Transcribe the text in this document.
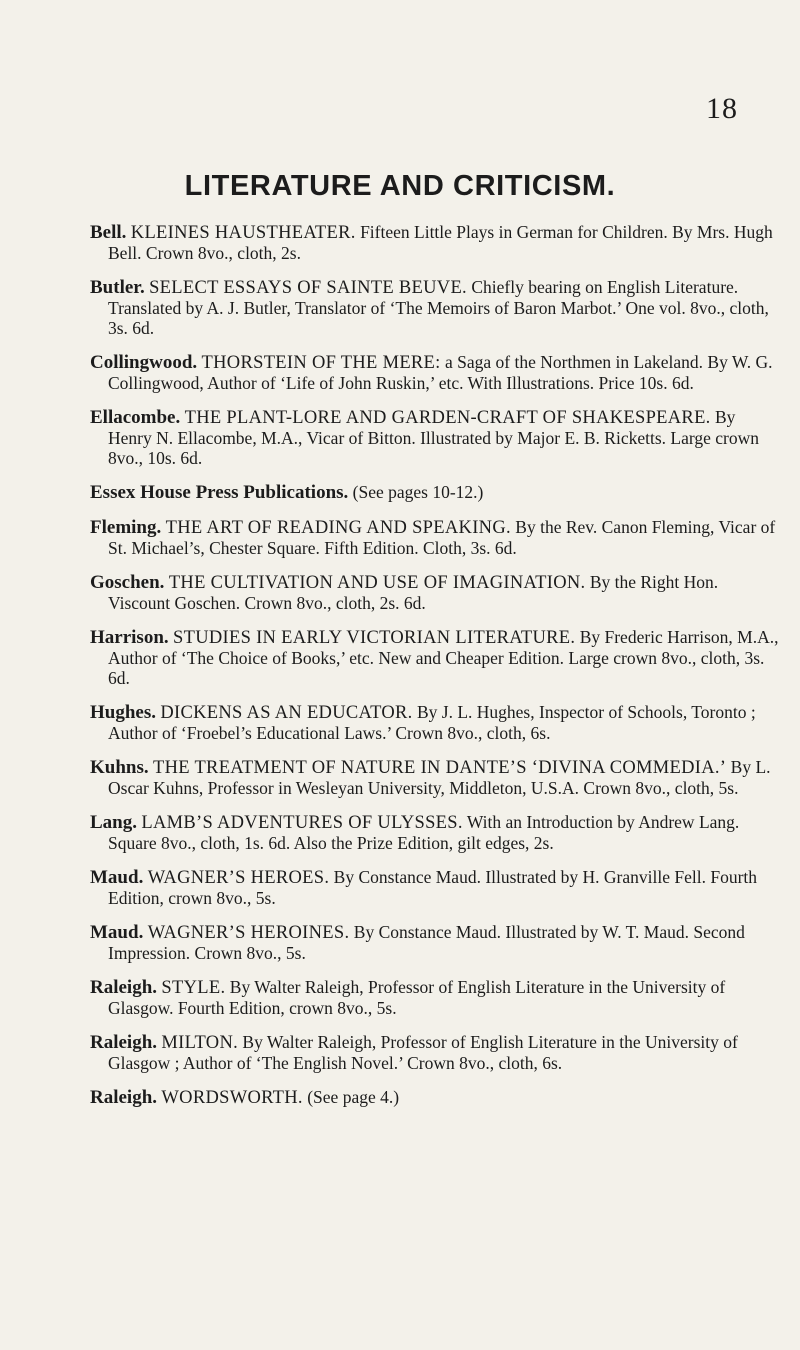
18
LITERATURE AND CRITICISM.
Bell. KLEINES HAUSTHEATER. Fifteen Little Plays in German for Children. By Mrs. Hugh Bell. Crown 8vo., cloth, 2s.
Butler. SELECT ESSAYS OF SAINTE BEUVE. Chiefly bearing on English Literature. Translated by A. J. Butler, Translator of ‘The Memoirs of Baron Marbot.’ One vol. 8vo., cloth, 3s. 6d.
Collingwood. THORSTEIN OF THE MERE: a Saga of the Northmen in Lakeland. By W. G. Collingwood, Author of ‘Life of John Ruskin,’ etc. With Illustrations. Price 10s. 6d.
Ellacombe. THE PLANT-LORE AND GARDEN-CRAFT OF SHAKESPEARE. By Henry N. Ellacombe, M.A., Vicar of Bitton. Illustrated by Major E. B. Ricketts. Large crown 8vo., 10s. 6d.
Essex House Press Publications. (See pages 10-12.)
Fleming. THE ART OF READING AND SPEAKING. By the Rev. Canon Fleming, Vicar of St. Michael’s, Chester Square. Fifth Edition. Cloth, 3s. 6d.
Goschen. THE CULTIVATION AND USE OF IMAGINATION. By the Right Hon. Viscount Goschen. Crown 8vo., cloth, 2s. 6d.
Harrison. STUDIES IN EARLY VICTORIAN LITERATURE. By Frederic Harrison, M.A., Author of ‘The Choice of Books,’ etc. New and Cheaper Edition. Large crown 8vo., cloth, 3s. 6d.
Hughes. DICKENS AS AN EDUCATOR. By J. L. Hughes, Inspector of Schools, Toronto ; Author of ‘Froebel’s Educational Laws.’ Crown 8vo., cloth, 6s.
Kuhns. THE TREATMENT OF NATURE IN DANTE’S ‘DIVINA COMMEDIA.’ By L. Oscar Kuhns, Professor in Wesleyan University, Middleton, U.S.A. Crown 8vo., cloth, 5s.
Lang. LAMB’S ADVENTURES OF ULYSSES. With an Introduction by Andrew Lang. Square 8vo., cloth, 1s. 6d. Also the Prize Edition, gilt edges, 2s.
Maud. WAGNER’S HEROES. By Constance Maud. Illustrated by H. Granville Fell. Fourth Edition, crown 8vo., 5s.
Maud. WAGNER’S HEROINES. By Constance Maud. Illustrated by W. T. Maud. Second Impression. Crown 8vo., 5s.
Raleigh. STYLE. By Walter Raleigh, Professor of English Literature in the University of Glasgow. Fourth Edition, crown 8vo., 5s.
Raleigh. MILTON. By Walter Raleigh, Professor of English Literature in the University of Glasgow ; Author of ‘The English Novel.’ Crown 8vo., cloth, 6s.
Raleigh. WORDSWORTH. (See page 4.)
